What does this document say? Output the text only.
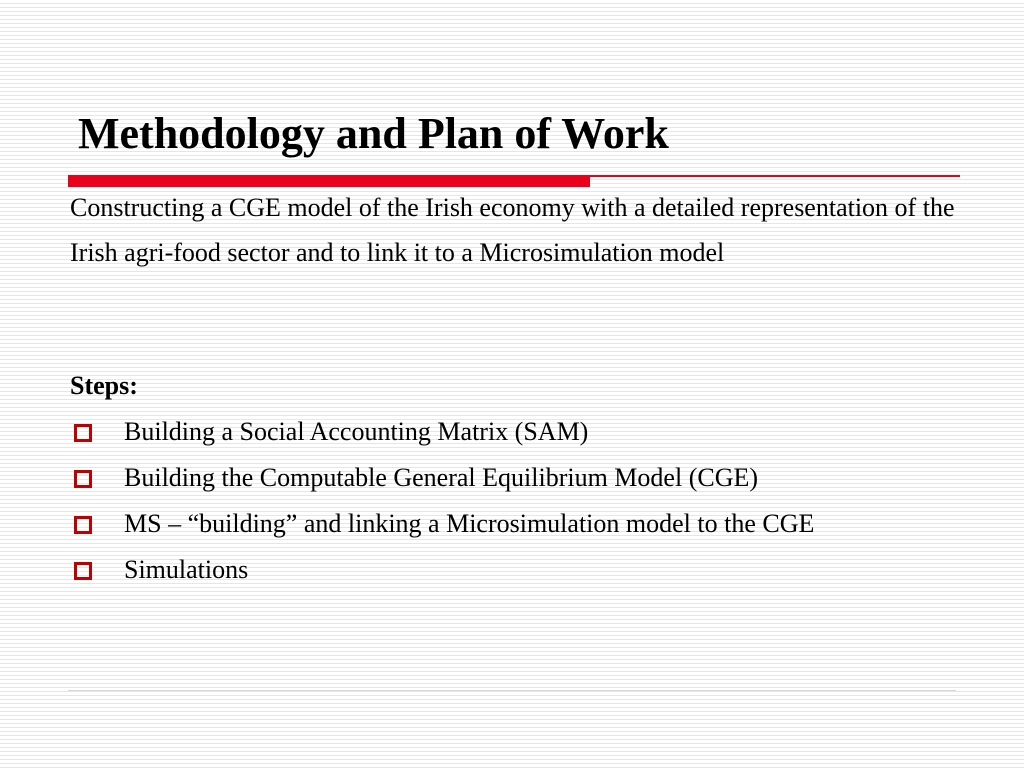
Methodology and Plan of Work

Constructing a CGE model of the Irish economy with a detailed representation of the Irish agri-food sector and to link it to a Microsimulation model

Steps:

Building a Social Accounting Matrix (SAM)
Building the Computable General Equilibrium Model (CGE)
MS – “building” and linking a Microsimulation model to the CGE
Simulations
